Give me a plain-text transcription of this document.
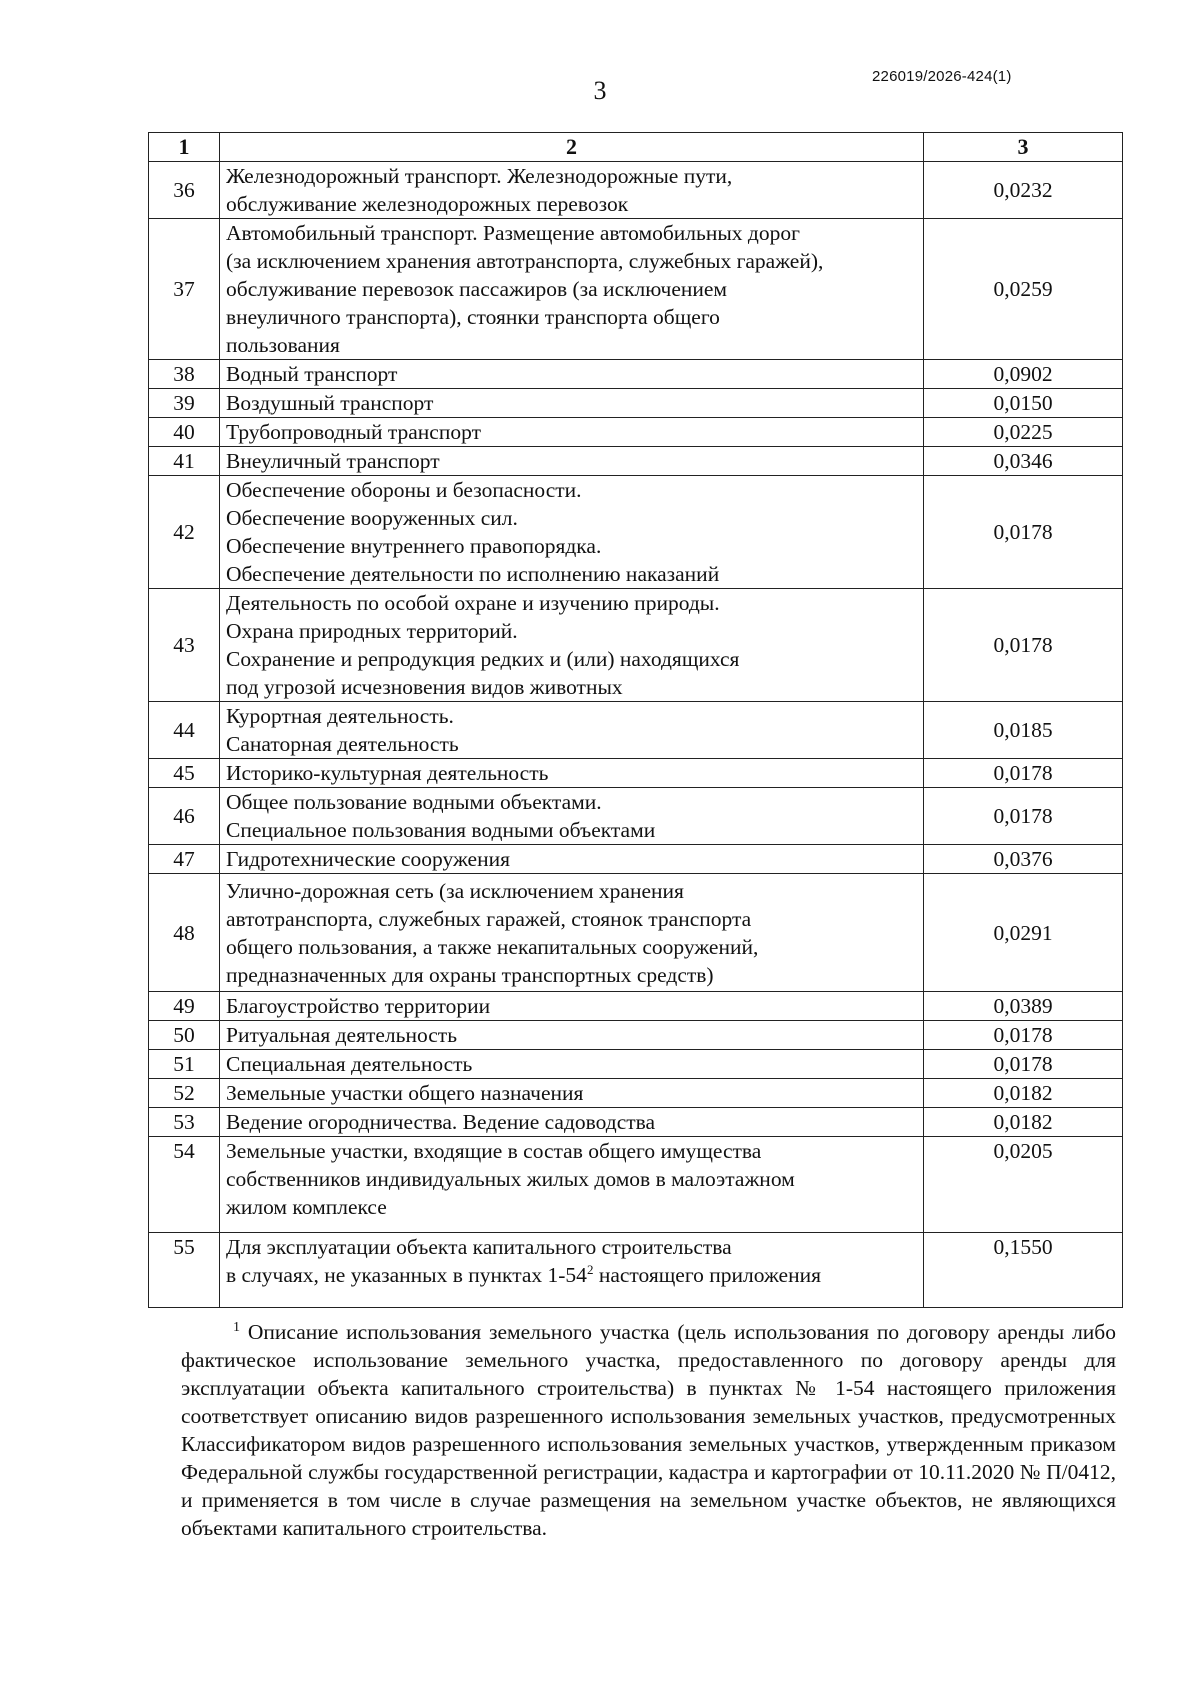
3	226019/2026-424(1)
1	2	3
36	Железнодорожный транспорт. Железнодорожные пути,
обслуживание железнодорожных перевозок	0,0232
37	Автомобильный транспорт. Размещение автомобильных дорог
(за исключением хранения автотранспорта, служебных гаражей),
обслуживание перевозок пассажиров (за исключением
внеуличного транспорта), стоянки транспорта общего
пользования	0,0259
38	Водный транспорт	0,0902
39	Воздушный транспорт	0,0150
40	Трубопроводный транспорт	0,0225
41	Внеуличный транспорт	0,0346
42	Обеспечение обороны и безопасности.
Обеспечение вооруженных сил.
Обеспечение внутреннего правопорядка.
Обеспечение деятельности по исполнению наказаний	0,0178
43	Деятельность по особой охране и изучению природы.
Охрана природных территорий.
Сохранение и репродукция редких и (или) находящихся
под угрозой исчезновения видов животных	0,0178
44	Курортная деятельность.
Санаторная деятельность	0,0185
45	Историко-культурная деятельность	0,0178
46	Общее пользование водными объектами.
Специальное пользования водными объектами	0,0178
47	Гидротехнические сооружения	0,0376
48	Улично-дорожная сеть (за исключением хранения
автотранспорта, служебных гаражей, стоянок транспорта
общего пользования, а также некапитальных сооружений,
предназначенных для охраны транспортных средств)	0,0291
49	Благоустройство территории	0,0389
50	Ритуальная деятельность	0,0178
51	Специальная деятельность	0,0178
52	Земельные участки общего назначения	0,0182
53	Ведение огородничества. Ведение садоводства	0,0182
54	Земельные участки, входящие в состав общего имущества
собственников индивидуальных жилых домов в малоэтажном
жилом комплексе	0,0205
55	Для эксплуатации объекта капитального строительства
в случаях, не указанных в пунктах 1-54$^2$ настоящего приложения	0,1550
$^1$ Описание использования земельного участка (цель использования по договору аренды либо фактическое использование земельного участка, предоставленного по договору аренды для эксплуатации объекта капитального строительства) в пунктах № 1-54 настоящего приложения соответствует описанию видов разрешенного использования земельных участков, предусмотренных Классификатором видов разрешенного использования земельных участков, утвержденным приказом Федеральной службы государственной регистрации, кадастра и картографии от 10.11.2020 № П/0412, и применяется в том числе в случае размещения на земельном участке объектов, не являющихся объектами капитального строительства.
